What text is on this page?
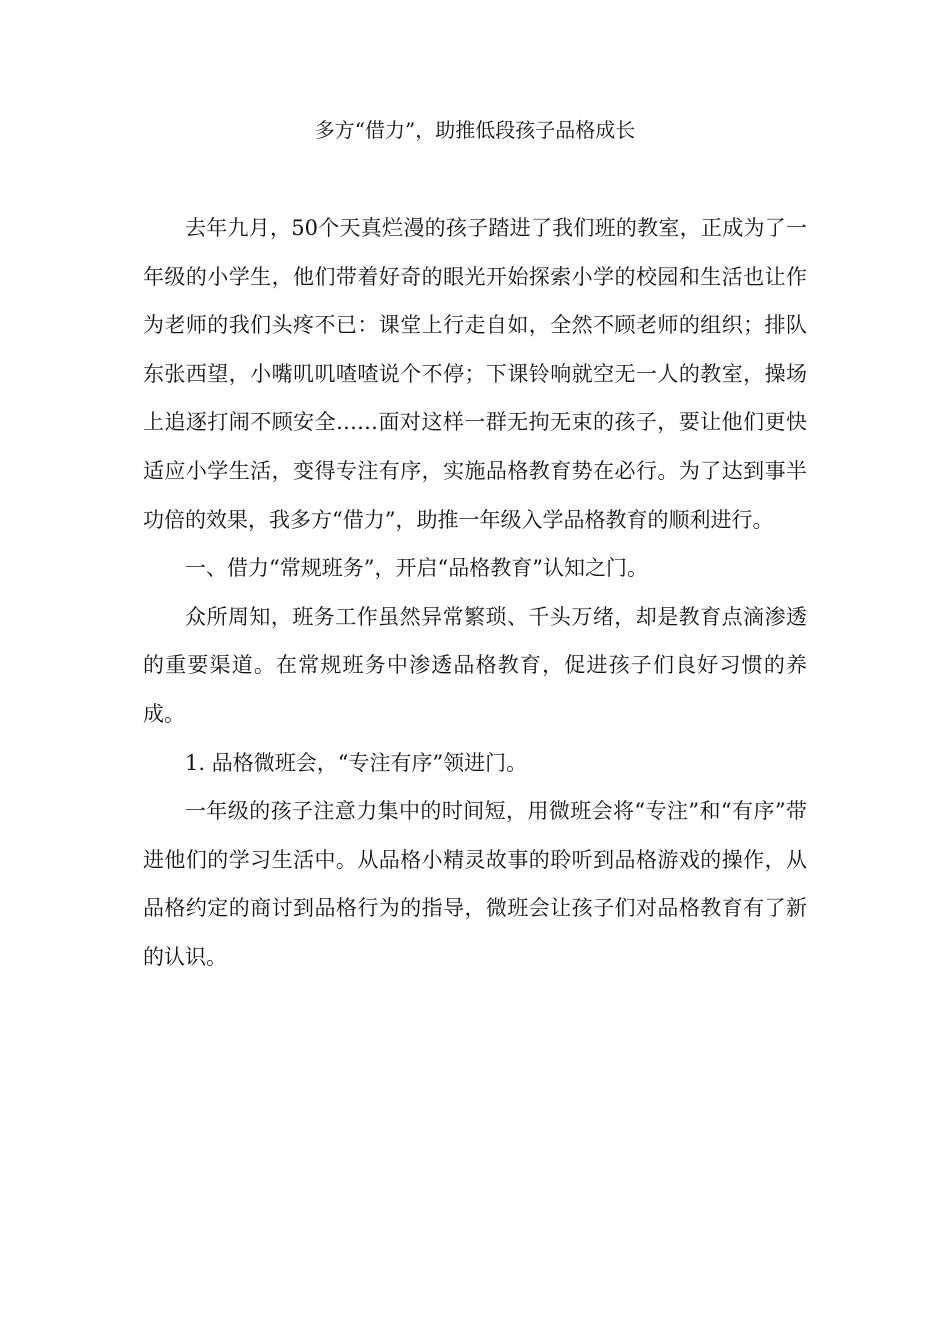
多方“借力”，助推低段孩子品格成长

去年九月，50个天真烂漫的孩子踏进了我们班的教室，正成为了一年级的小学生，他们带着好奇的眼光开始探索小学的校园和生活也让作为老师的我们头疼不已：课堂上行走自如，全然不顾老师的组织；排队东张西望，小嘴叽叽喳喳说个不停；下课铃响就空无一人的教室，操场上追逐打闹不顾安全……面对这样一群无拘无束的孩子，要让他们更快适应小学生活，变得专注有序，实施品格教育势在必行。为了达到事半功倍的效果，我多方“借力”，助推一年级入学品格教育的顺利进行。

一、借力“常规班务”，开启“品格教育”认知之门。

众所周知，班务工作虽然异常繁琐、千头万绪，却是教育点滴渗透的重要渠道。在常规班务中渗透品格教育，促进孩子们良好习惯的养成。

1. 品格微班会，“专注有序”领进门。

一年级的孩子注意力集中的时间短，用微班会将“专注”和“有序”带进他们的学习生活中。从品格小精灵故事的聆听到品格游戏的操作，从品格约定的商讨到品格行为的指导，微班会让孩子们对品格教育有了新的认识。
